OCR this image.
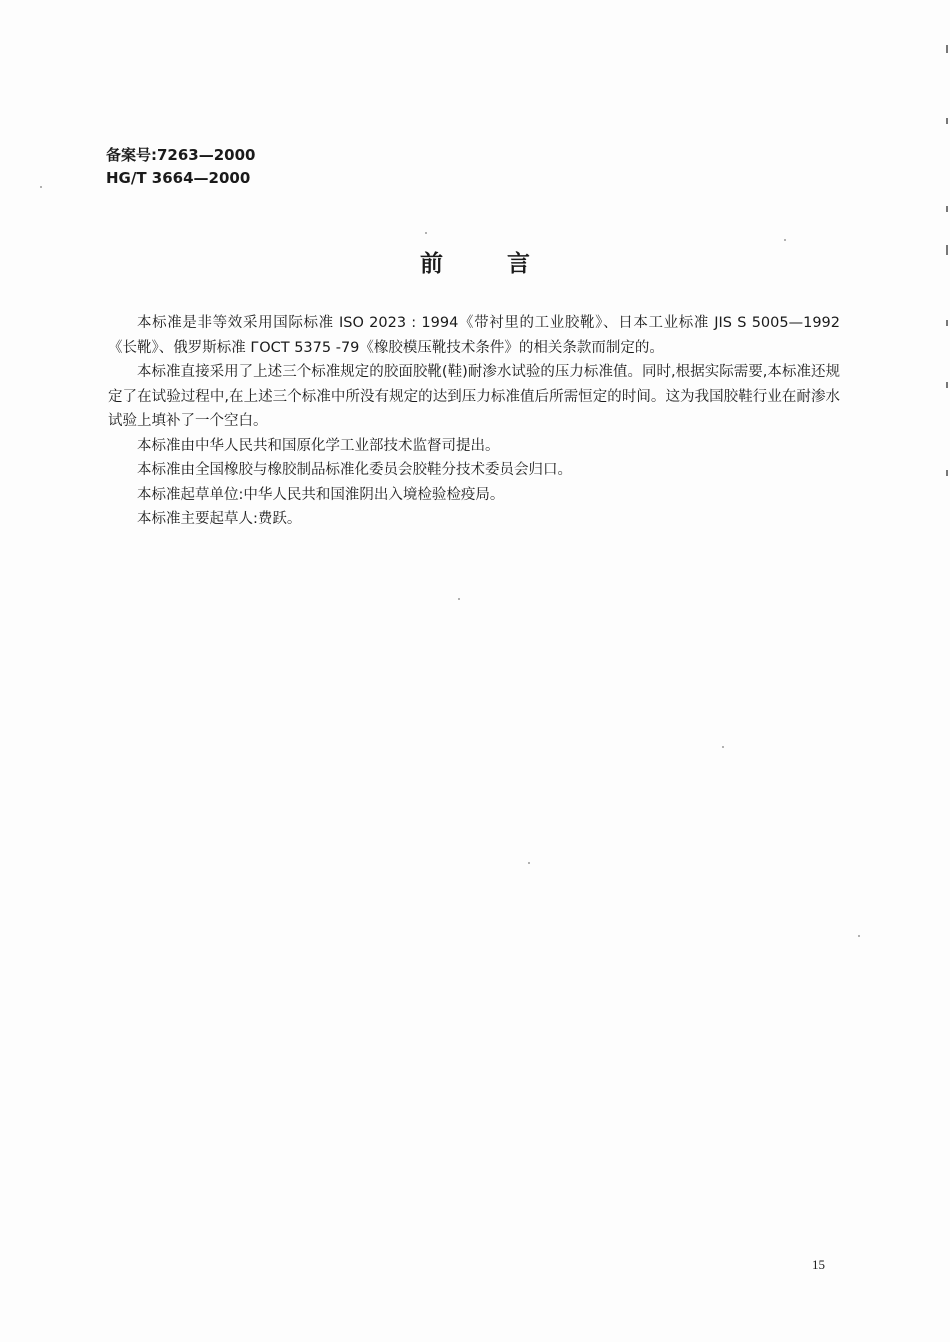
备案号:7263—2000
HG/T 3664—2000
前言

本标准是非等效采用国际标准 ISO 2023 : 1994《带衬里的工业胶靴》、日本工业标准 JIS S 5005—1992《长靴》、俄罗斯标准 ГОСТ 5375 -79《橡胶模压靴技术条件》的相关条款而制定的。

本标准直接采用了上述三个标准规定的胶面胶靴(鞋)耐渗水试验的压力标准值。同时,根据实际需要,本标准还规定了在试验过程中,在上述三个标准中所没有规定的达到压力标准值后所需恒定的时间。这为我国胶鞋行业在耐渗水试验上填补了一个空白。

本标准由中华人民共和国原化学工业部技术监督司提出。

本标准由全国橡胶与橡胶制品标准化委员会胶鞋分技术委员会归口。

本标准起草单位:中华人民共和国淮阴出入境检验检疫局。

本标准主要起草人:费跃。

15
